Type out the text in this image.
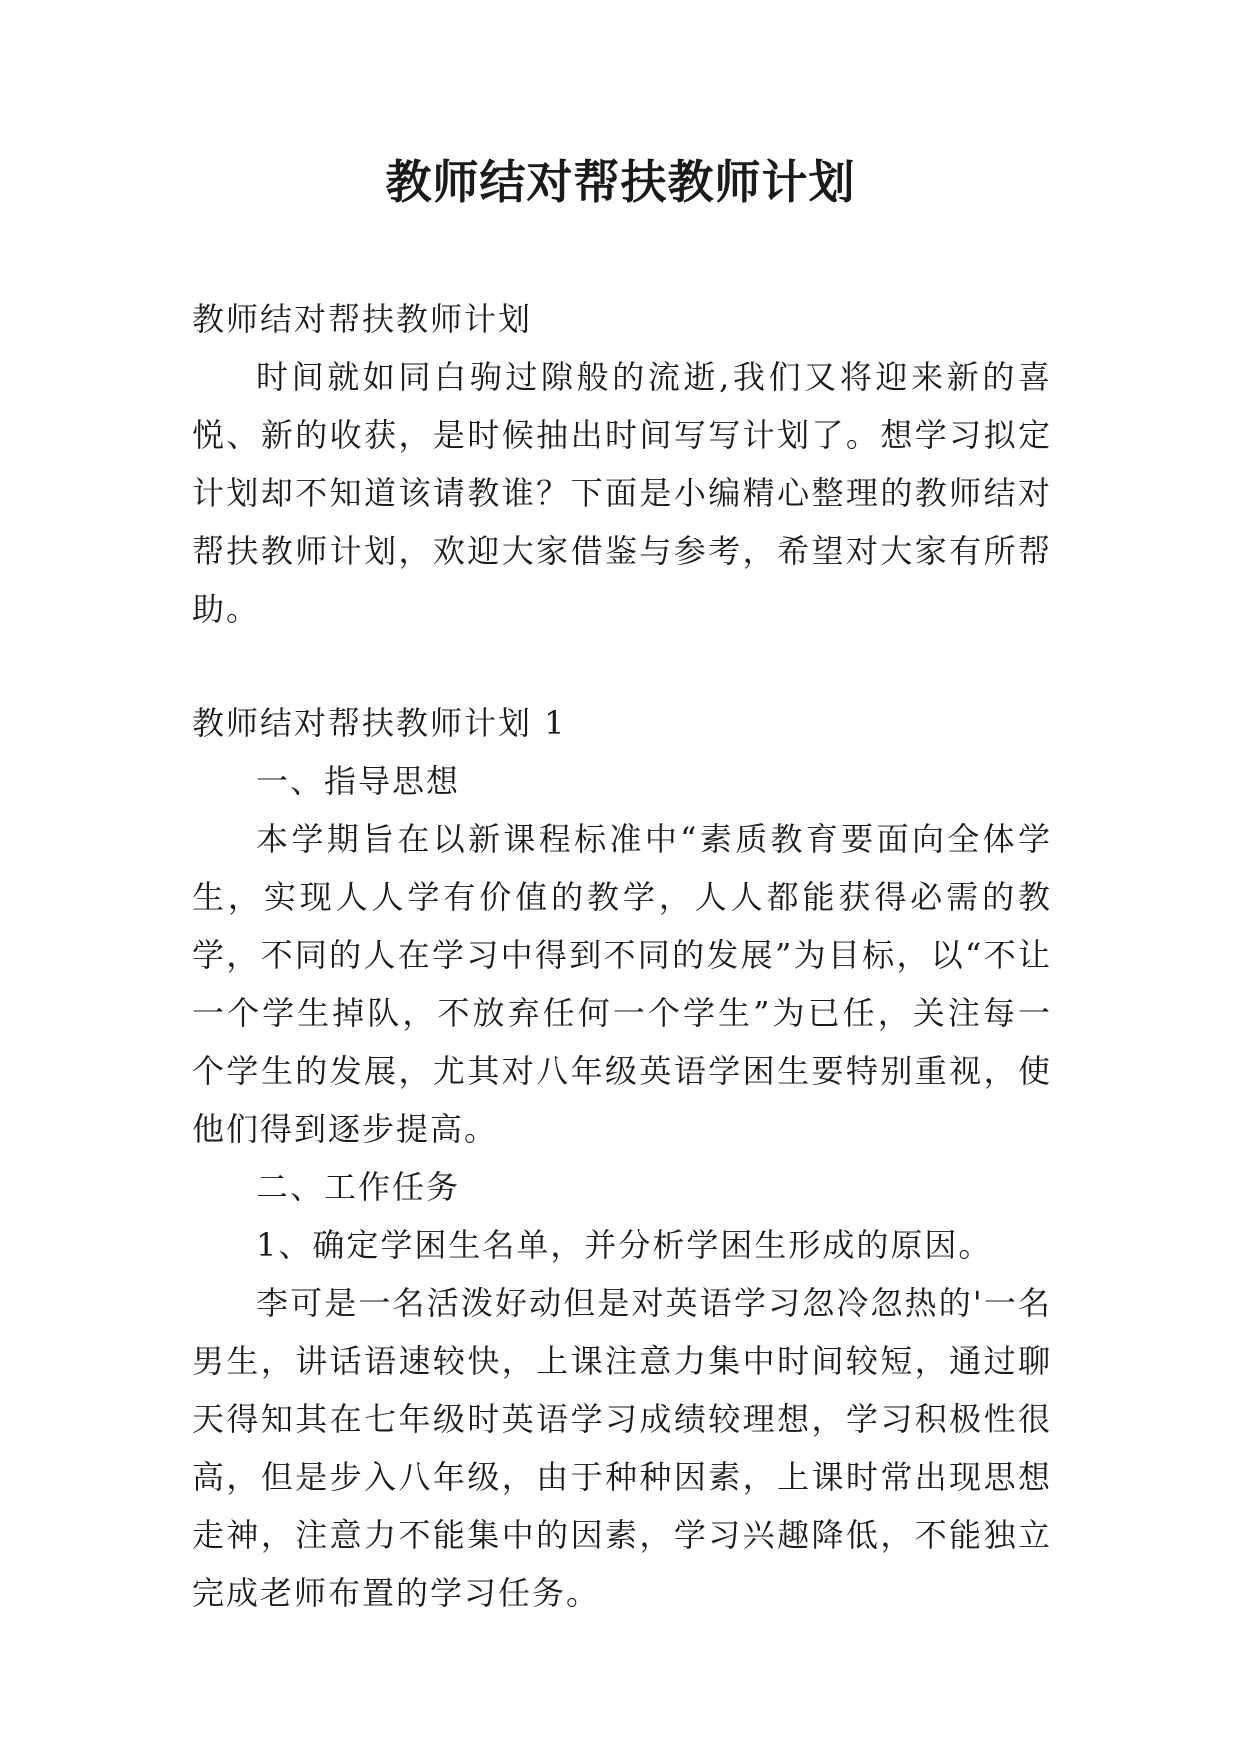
教师结对帮扶教师计划

教师结对帮扶教师计划

时间就如同白驹过隙般的流逝,我们又将迎来新的喜悦、新的收获，是时候抽出时间写写计划了。想学习拟定计划却不知道该请教谁？下面是小编精心整理的教师结对帮扶教师计划，欢迎大家借鉴与参考，希望对大家有所帮助。

教师结对帮扶教师计划 1

一、指导思想

本学期旨在以新课程标准中“素质教育要面向全体学生，实现人人学有价值的教学，人人都能获得必需的教学，不同的人在学习中得到不同的发展”为目标，以“不让一个学生掉队，不放弃任何一个学生”为已任，关注每一个学生的发展，尤其对八年级英语学困生要特别重视，使他们得到逐步提高。

二、工作任务

1、确定学困生名单，并分析学困生形成的原因。

李可是一名活泼好动但是对英语学习忽冷忽热的'一名男生，讲话语速较快，上课注意力集中时间较短，通过聊天得知其在七年级时英语学习成绩较理想，学习积极性很高，但是步入八年级，由于种种因素，上课时常出现思想走神，注意力不能集中的因素，学习兴趣降低，不能独立完成老师布置的学习任务。
